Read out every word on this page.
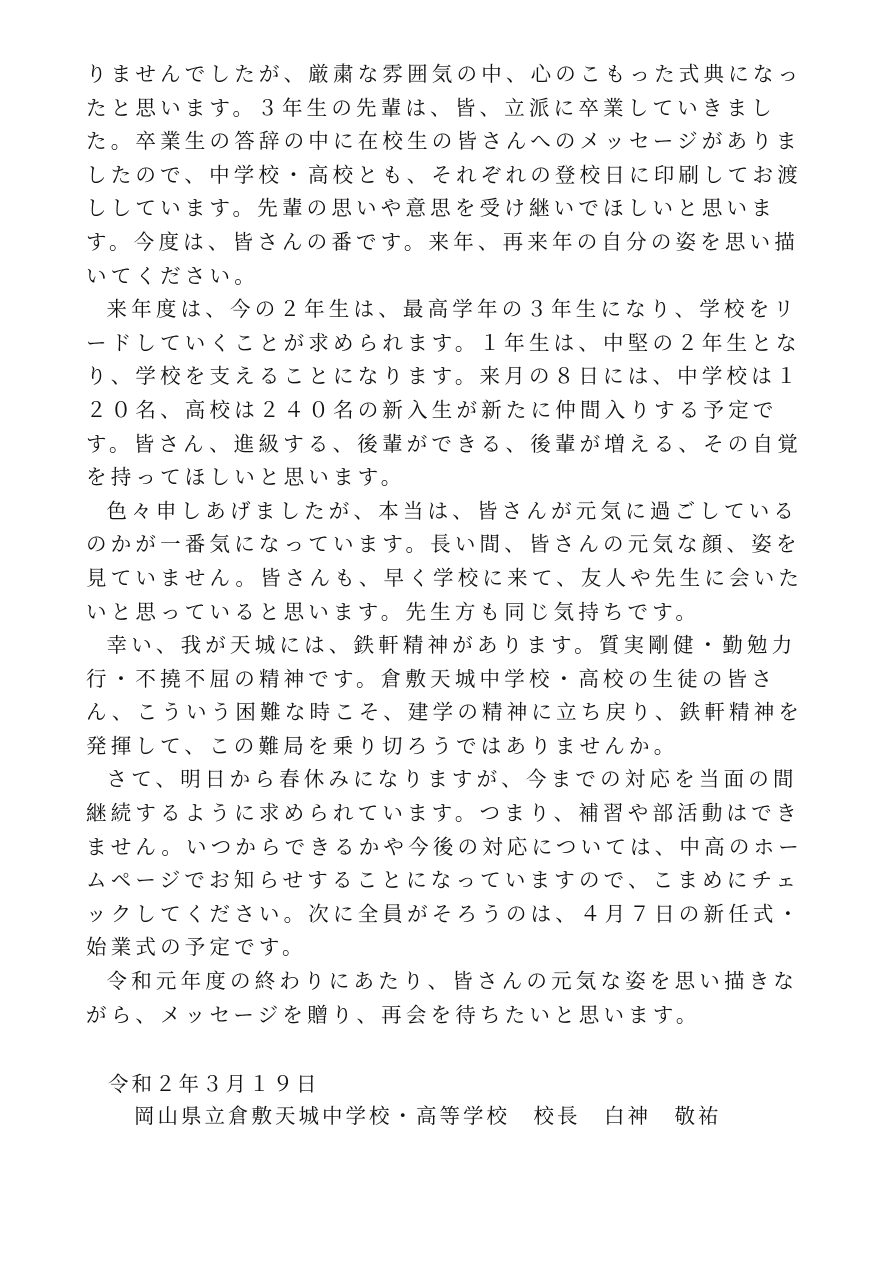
りませんでしたが、厳粛な雰囲気の中、心のこもった式典になったと思います。３年生の先輩は、皆、立派に卒業していきました。卒業生の答辞の中に在校生の皆さんへのメッセージがありましたので、中学校・高校とも、それぞれの登校日に印刷してお渡ししています。先輩の思いや意思を受け継いでほしいと思います。今度は、皆さんの番です。来年、再来年の自分の姿を思い描いてください。

来年度は、今の２年生は、最高学年の３年生になり、学校をリードしていくことが求められます。１年生は、中堅の２年生となり、学校を支えることになります。来月の８日には、中学校は１２０名、高校は２４０名の新入生が新たに仲間入りする予定です。皆さん、進級する、後輩ができる、後輩が増える、その自覚を持ってほしいと思います。

色々申しあげましたが、本当は、皆さんが元気に過ごしているのかが一番気になっています。長い間、皆さんの元気な顔、姿を見ていません。皆さんも、早く学校に来て、友人や先生に会いたいと思っていると思います。先生方も同じ気持ちです。

幸い、我が天城には、鉄軒精神があります。質実剛健・勤勉力行・不撓不屈の精神です。倉敷天城中学校・高校の生徒の皆さん、こういう困難な時こそ、建学の精神に立ち戻り、鉄軒精神を発揮して、この難局を乗り切ろうではありませんか。

さて、明日から春休みになりますが、今までの対応を当面の間継続するように求められています。つまり、補習や部活動はできません。いつからできるかや今後の対応については、中高のホームページでお知らせすることになっていますので、こまめにチェックしてください。次に全員がそろうのは、４月７日の新任式・始業式の予定です。

令和元年度の終わりにあたり、皆さんの元気な姿を思い描きながら、メッセージを贈り、再会を待ちたいと思います。

令和２年３月１９日
岡山県立倉敷天城中学校・高等学校　校長　白神　敬祐
